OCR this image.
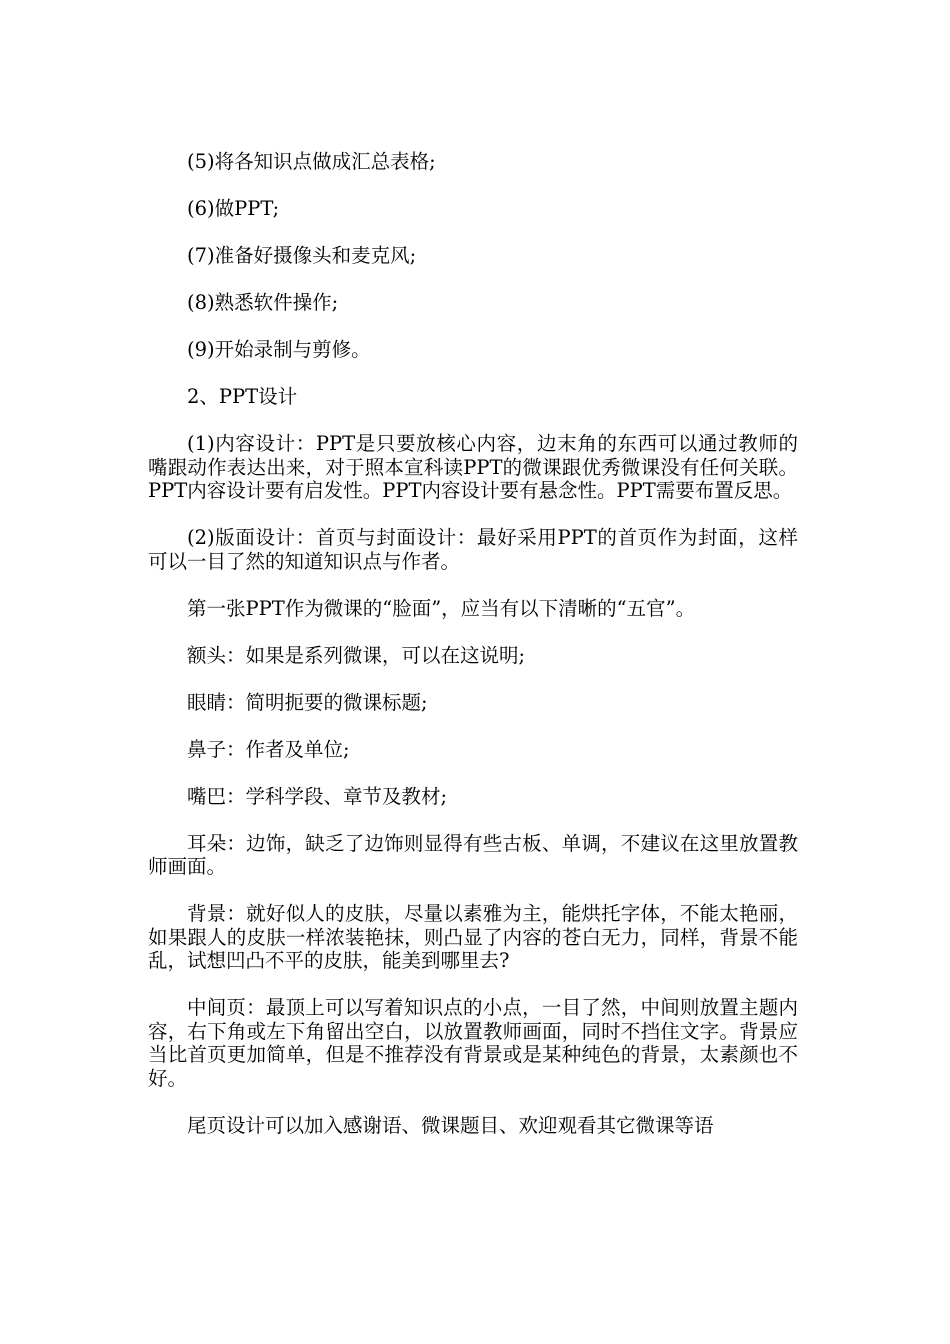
(5)将各知识点做成汇总表格;

(6)做PPT;

(7)准备好摄像头和麦克风;

(8)熟悉软件操作;

(9)开始录制与剪修。

2、PPT设计

(1)内容设计：PPT是只要放核心内容，边末角的东西可以通过教师的嘴跟动作表达出来，对于照本宣科读PPT的微课跟优秀微课没有任何关联。PPT内容设计要有启发性。PPT内容设计要有悬念性。PPT需要布置反思。

(2)版面设计：首页与封面设计：最好采用PPT的首页作为封面，这样可以一目了然的知道知识点与作者。

第一张PPT作为微课的“脸面”，应当有以下清晰的“五官”。

额头：如果是系列微课，可以在这说明;

眼睛：简明扼要的微课标题;

鼻子：作者及单位;

嘴巴：学科学段、章节及教材;

耳朵：边饰，缺乏了边饰则显得有些古板、单调，不建议在这里放置教师画面。

背景：就好似人的皮肤，尽量以素雅为主，能烘托字体，不能太艳丽，如果跟人的皮肤一样浓装艳抹，则凸显了内容的苍白无力，同样，背景不能乱，试想凹凸不平的皮肤，能美到哪里去?

中间页：最顶上可以写着知识点的小点，一目了然，中间则放置主题内容，右下角或左下角留出空白，以放置教师画面，同时不挡住文字。背景应当比首页更加简单，但是不推荐没有背景或是某种纯色的背景，太素颜也不好。

尾页设计可以加入感谢语、微课题目、欢迎观看其它微课等语
